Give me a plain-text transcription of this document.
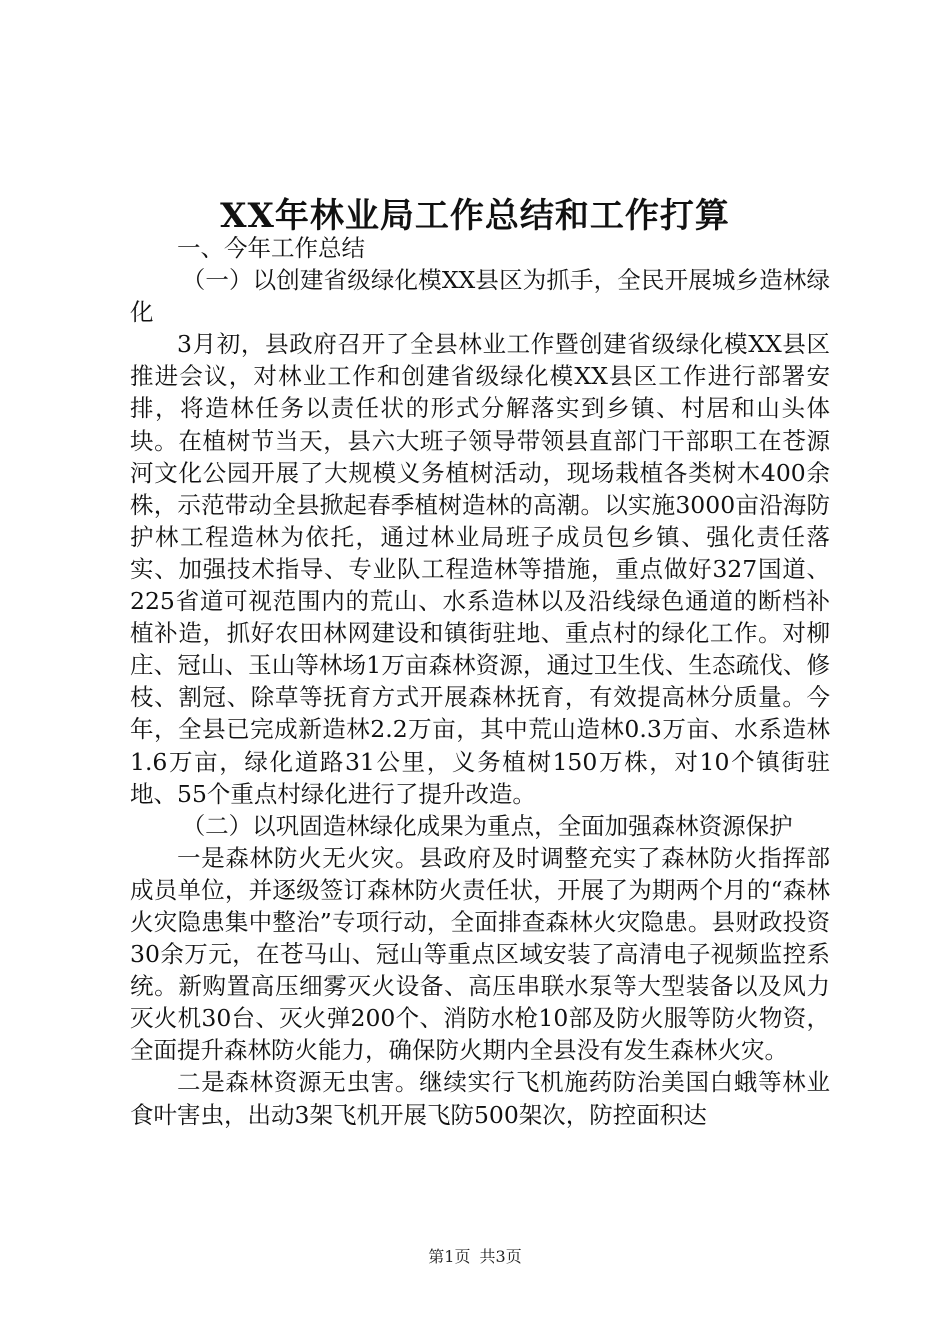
XX年林业局工作总结和工作打算

一、今年工作总结

（一）以创建省级绿化模XX县区为抓手，全民开展城乡造林绿化

3月初，县政府召开了全县林业工作暨创建省级绿化模XX县区推进会议，对林业工作和创建省级绿化模XX县区工作进行部署安排，将造林任务以责任状的形式分解落实到乡镇、村居和山头体块。在植树节当天，县六大班子领导带领县直部门干部职工在苍源河文化公园开展了大规模义务植树活动，现场栽植各类树木400余株，示范带动全县掀起春季植树造林的高潮。以实施3000亩沿海防护林工程造林为依托，通过林业局班子成员包乡镇、强化责任落实、加强技术指导、专业队工程造林等措施，重点做好327国道、225省道可视范围内的荒山、水系造林以及沿线绿色通道的断档补植补造，抓好农田林网建设和镇街驻地、重点村的绿化工作。对柳庄、冠山、玉山等林场1万亩森林资源，通过卫生伐、生态疏伐、修枝、割冠、除草等抚育方式开展森林抚育，有效提高林分质量。今年，全县已完成新造林2.2万亩，其中荒山造林0.3万亩、水系造林1.6万亩，绿化道路31公里，义务植树150万株，对10个镇街驻地、55个重点村绿化进行了提升改造。

（二）以巩固造林绿化成果为重点，全面加强森林资源保护

一是森林防火无火灾。县政府及时调整充实了森林防火指挥部成员单位，并逐级签订森林防火责任状，开展了为期两个月的“森林火灾隐患集中整治”专项行动，全面排查森林火灾隐患。县财政投资30余万元，在苍马山、冠山等重点区域安装了高清电子视频监控系统。新购置高压细雾灭火设备、高压串联水泵等大型装备以及风力灭火机30台、灭火弹200个、消防水枪10部及防火服等防火物资，全面提升森林防火能力，确保防火期内全县没有发生森林火灾。

二是森林资源无虫害。继续实行飞机施药防治美国白蛾等林业食叶害虫，出动3架飞机开展飞防500架次，防控面积达

第1页 共3页
